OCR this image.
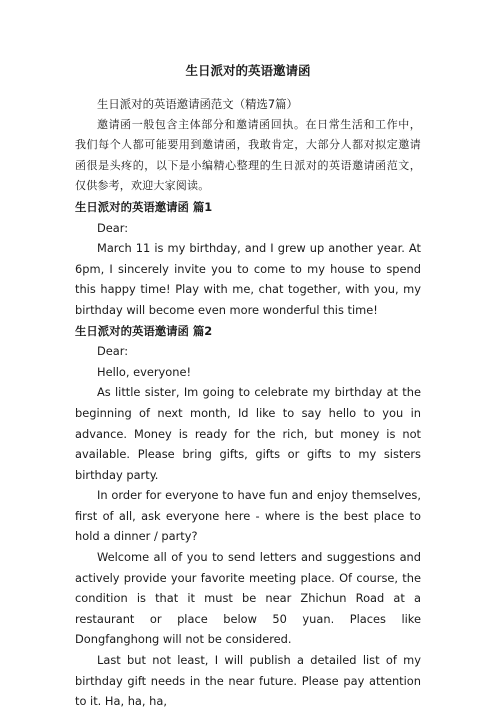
生日派对的英语邀请函
生日派对的英语邀请函范文（精选7篇）

邀请函一般包含主体部分和邀请函回执。在日常生活和工作中，我们每个人都可能要用到邀请函，我敢肯定，大部分人都对拟定邀请函很是头疼的，以下是小编精心整理的生日派对的英语邀请函范文，仅供参考，欢迎大家阅读。

生日派对的英语邀请函 篇1
Dear:

March 11 is my birthday, and I grew up another year. At 6pm, I sincerely invite you to come to my house to spend this happy time! Play with me, chat together, with you, my birthday will become even more wonderful this time!

生日派对的英语邀请函 篇2
Dear:
Hello, everyone!

As little sister, Im going to celebrate my birthday at the beginning of next month, Id like to say hello to you in advance. Money is ready for the rich, but money is not available. Please bring gifts, gifts or gifts to my sisters birthday party.

In order for everyone to have fun and enjoy themselves, first of all, ask everyone here - where is the best place to hold a dinner / party?

Welcome all of you to send letters and suggestions and actively provide your favorite meeting place. Of course, the condition is that it must be near Zhichun Road at a restaurant or place below 50 yuan. Places like Dongfanghong will not be considered.

Last but not least, I will publish a detailed list of my birthday gift needs in the near future. Please pay attention to it. Ha, ha, ha,
